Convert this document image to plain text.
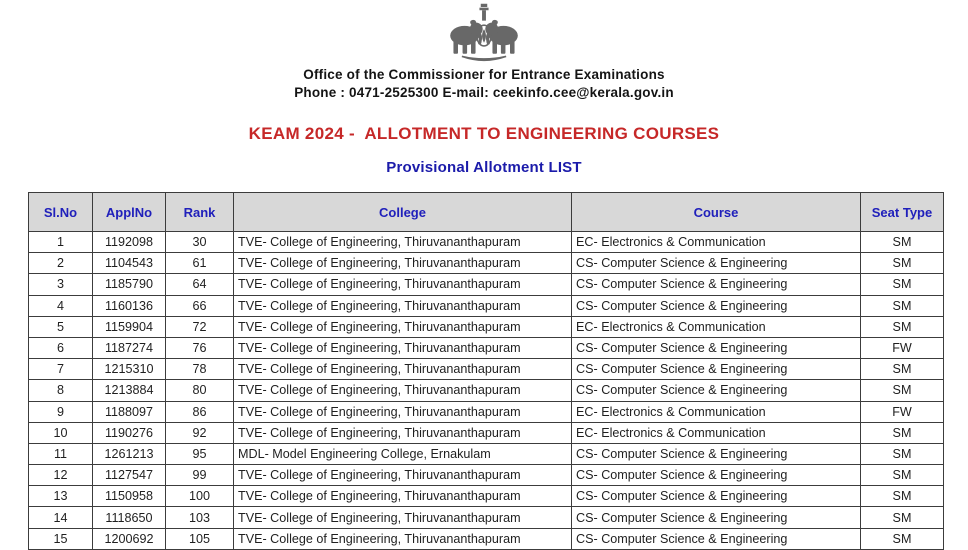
Office of the Commissioner for Entrance Examinations
Phone : 0471-2525300 E-mail: ceekinfo.cee@kerala.gov.in
KEAM 2024 -  ALLOTMENT TO ENGINEERING COURSES
Provisional Allotment LIST
Sl.No	ApplNo	Rank	College	Course	Seat Type
1	1192098	30	TVE- College of Engineering, Thiruvananthapuram	EC- Electronics & Communication	SM
2	1104543	61	TVE- College of Engineering, Thiruvananthapuram	CS- Computer Science & Engineering	SM
3	1185790	64	TVE- College of Engineering, Thiruvananthapuram	CS- Computer Science & Engineering	SM
4	1160136	66	TVE- College of Engineering, Thiruvananthapuram	CS- Computer Science & Engineering	SM
5	1159904	72	TVE- College of Engineering, Thiruvananthapuram	EC- Electronics & Communication	SM
6	1187274	76	TVE- College of Engineering, Thiruvananthapuram	CS- Computer Science & Engineering	FW
7	1215310	78	TVE- College of Engineering, Thiruvananthapuram	CS- Computer Science & Engineering	SM
8	1213884	80	TVE- College of Engineering, Thiruvananthapuram	CS- Computer Science & Engineering	SM
9	1188097	86	TVE- College of Engineering, Thiruvananthapuram	EC- Electronics & Communication	FW
10	1190276	92	TVE- College of Engineering, Thiruvananthapuram	EC- Electronics & Communication	SM
11	1261213	95	MDL- Model Engineering College, Ernakulam	CS- Computer Science & Engineering	SM
12	1127547	99	TVE- College of Engineering, Thiruvananthapuram	CS- Computer Science & Engineering	SM
13	1150958	100	TVE- College of Engineering, Thiruvananthapuram	CS- Computer Science & Engineering	SM
14	1118650	103	TVE- College of Engineering, Thiruvananthapuram	CS- Computer Science & Engineering	SM
15	1200692	105	TVE- College of Engineering, Thiruvananthapuram	CS- Computer Science & Engineering	SM
